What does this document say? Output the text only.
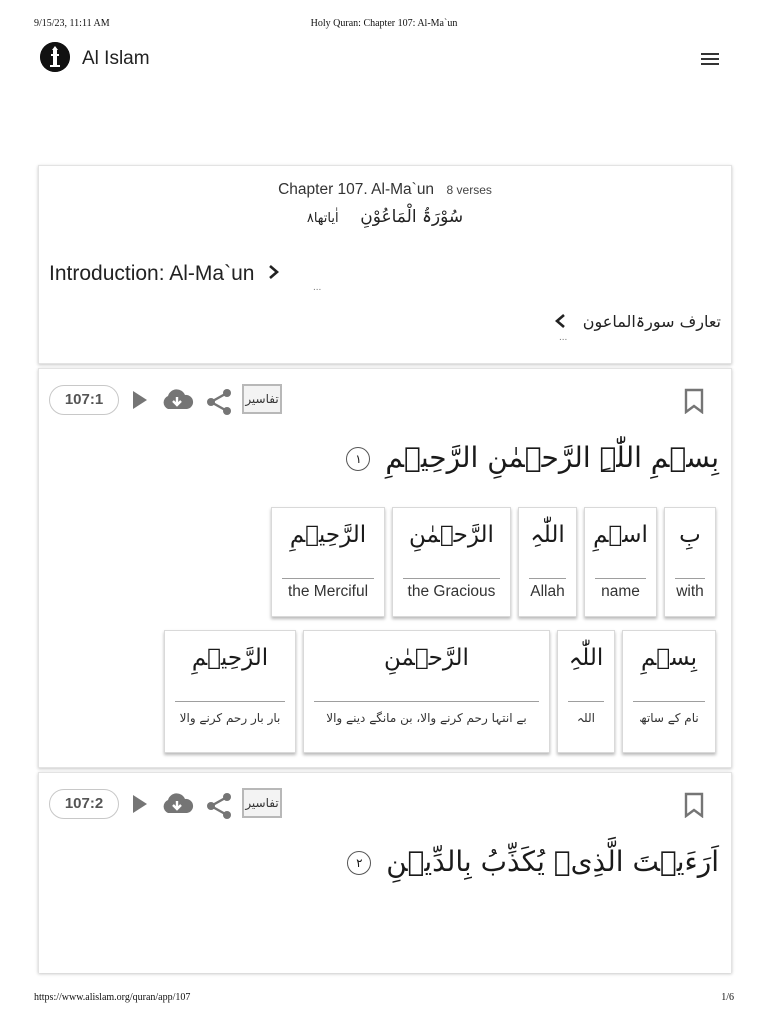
9/15/23, 11:11 AM	Holy Quran: Chapter 107: Al-Ma`un
Al Islam
Chapter 107. Al-Ma`un 8 verses
سُوْرَۃُ الْمَاعُوْنِ    اٰیاتھا۸
Introduction: Al-Ma`un
...
تعارف سورۃالماعون
...
107:1	تفاسیر
بِسۡمِ اللّٰہِ الرَّحۡمٰنِ الرَّحِیۡمِ ١
بِ
with
اسۡمِ
name
اللّٰہِ
Allah
الرَّحۡمٰنِ
the Gracious
الرَّحِیۡمِ
the Merciful
بِسۡمِ
نام کے ساتھ
اللّٰہِ
اللہ
الرَّحۡمٰنِ
بے انتہا رحم کرنے والا، بن مانگے دینے والا
الرَّحِیۡمِ
بار بار رحم کرنے والا
107:2	تفاسیر
اَرَءَیۡتَ الَّذِیۡ یُکَذِّبُ بِالدِّیۡنِ ٢
https://www.alislam.org/quran/app/107	1/6
